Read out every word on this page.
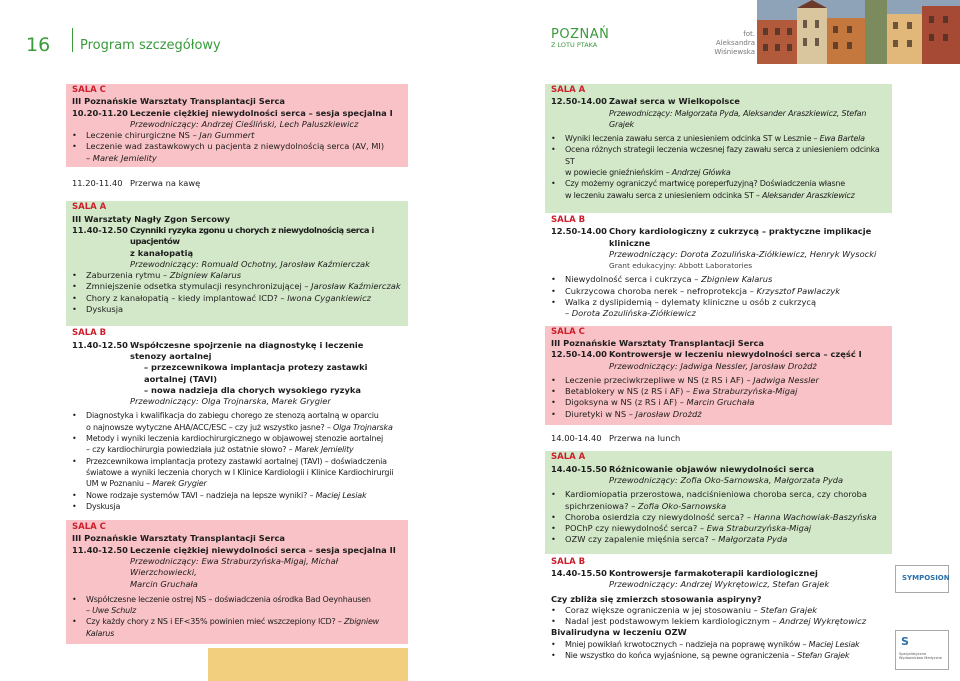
16 Program szczegółowy
POZNAŃ
Z LOTU PTAKA
fot.
Aleksandra
Wiśniewska
SALA C
III Poznańskie Warsztaty Transplantacji Serca
10.20-11.20 Leczenie ciężkiej niewydolności serca – sesja specjalna I
Przewodniczący: Andrzej Cieśliński, Lech Paluszkiewicz
• Leczenie chirurgiczne NS – Jan Gummert
• Leczenie wad zastawkowych u pacjenta z niewydolnością serca (AV, MI)
– Marek Jemielity
11.20-11.40 Przerwa na kawę
SALA A
III Warsztaty Nagły Zgon Sercowy
11.40-12.50 Czynniki ryzyka zgonu u chorych z niewydolnością serca i upacjentów
z kanałopatią
Przewodniczący: Romuald Ochotny, Jarosław Kaźmierczak
• Zaburzenia rytmu – Zbigniew Kalarus
• Zmniejszenie odsetka stymulacji resynchronizującej – Jarosław Kaźmierczak
• Chory z kanałopatią – kiedy implantować ICD? – Iwona Cygankiewicz
• Dyskusja
SALA B
11.40-12.50 Współczesne spojrzenie na diagnostykę i leczenie stenozy aortalnej
– przezcewnikowa implantacja protezy zastawki aortalnej (TAVI)
– nowa nadzieja dla chorych wysokiego ryzyka
Przewodniczący: Olga Trojnarska, Marek Grygier
• Diagnostyka i kwalifikacja do zabiegu chorego ze stenozą aortalną w oparciu
o najnowsze wytyczne AHA/ACC/ESC – czy już wszystko jasne? – Olga Trojnarska
• Metody i wyniki leczenia kardiochirurgicznego w objawowej stenozie aortalnej
– czy kardiochirurgia powiedziała już ostatnie słowo? – Marek Jemielity
• Przezcewnikowa implantacja protezy zastawki aortalnej (TAVI) – doświadczenia
światowe a wyniki leczenia chorych w I Klinice Kardiologii i Klinice Kardiochirurgii
UM w Poznaniu – Marek Grygier
• Nowe rodzaje systemów TAVI – nadzieja na lepsze wyniki? – Maciej Lesiak
• Dyskusja
SALA C
III Poznańskie Warsztaty Transplantacji Serca
11.40-12.50 Leczenie ciężkiej niewydolności serca – sesja specjalna II
Przewodniczący: Ewa Straburzyńska-Migaj, Michał Wierzchowiecki,
Marcin Gruchała
• Współczesne leczenie ostrej NS – doświadczenia ośrodka Bad Oeynhausen
– Uwe Schulz
• Czy każdy chory z NS i EF<35% powinien mieć wszczepiony ICD? – Zbigniew Kalarus
SALA A
12.50-14.00 Zawał serca w Wielkopolsce
Przewodniczący: Małgorzata Pyda, Aleksander Araszkiewicz, Stefan Grajek
• Wyniki leczenia zawału serca z uniesieniem odcinka ST w Lesznie – Ewa Bartela
• Ocena różnych strategii leczenia wczesnej fazy zawału serca z uniesieniem odcinka ST
w powiecie gnieźnieńskim – Andrzej Główka
• Czy możemy ograniczyć martwicę poreperfuzyjną? Doświadczenia własne
w leczeniu zawału serca z uniesieniem odcinka ST – Aleksander Araszkiewicz
SALA B
12.50-14.00 Chory kardiologiczny z cukrzycą – praktyczne implikacje kliniczne
Przewodniczący: Dorota Zozulińska-Ziółkiewicz, Henryk Wysocki
Grant edukacyjny: Abbott Laboratories
• Niewydolność serca i cukrzyca – Zbigniew Kalarus
• Cukrzycowa choroba nerek – nefroprotekcja – Krzysztof Pawlaczyk
• Walka z dyslipidemią – dylematy kliniczne u osób z cukrzycą
– Dorota Zozulińska-Ziółkiewicz
SALA C
III Poznańskie Warsztaty Transplantacji Serca
12.50-14.00 Kontrowersje w leczeniu niewydolności serca – część I
Przewodniczący: Jadwiga Nessler, Jarosław Drożdż
• Leczenie przeciwkrzepliwe w NS (z RS i AF) – Jadwiga Nessler
• Betablokery w NS (z RS i AF) – Ewa Straburzyńska-Migaj
• Digoksyna w NS (z RS i AF) – Marcin Gruchała
• Diuretyki w NS – Jarosław Drożdż
14.00-14.40 Przerwa na lunch
SALA A
14.40-15.50 Różnicowanie objawów niewydolności serca
Przewodniczący: Zofia Oko-Sarnowska, Małgorzata Pyda
• Kardiomiopatia przerostowa, nadciśnieniowa choroba serca, czy choroba
spichrzeniowa? – Zofia Oko-Sarnowska
• Choroba osierdzia czy niewydolność serca? – Hanna Wachowiak-Baszyńska
• POChP czy niewydolność serca? – Ewa Straburzyńska-Migaj
• OZW czy zapalenie mięśnia serca? – Małgorzata Pyda
SALA B
14.40-15.50 Kontrowersje farmakoterapii kardiologicznej
Przewodniczący: Andrzej Wykrętowicz, Stefan Grajek
Czy zbliża się zmierzch stosowania aspiryny?
• Coraz większe ograniczenia w jej stosowaniu – Stefan Grajek
• Nadal jest podstawowym lekiem kardiologicznym – Andrzej Wykrętowicz
Bivalirudyna w leczeniu OZW
• Mniej powikłań krwotocznych – nadzieja na poprawę wyników – Maciej Lesiak
• Nie wszystko do końca wyjaśnione, są pewne ograniczenia – Stefan Grajek
SYMPOSION
S
Specjalistyczne Wydawnictwo Medyczne
